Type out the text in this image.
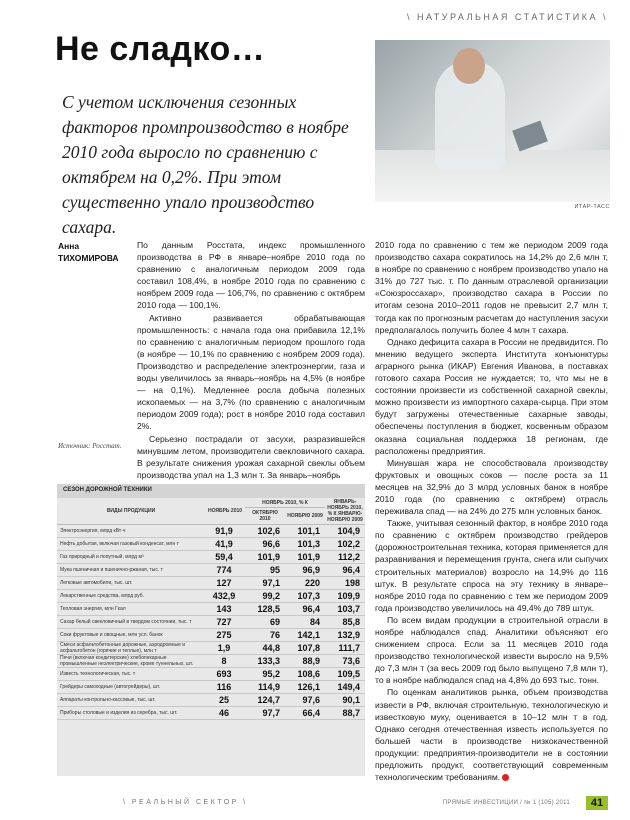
\ НАТУРАЛЬНАЯ СТАТИСТИКА \
Не сладко…
С учетом исключения сезонных факторов промпроизводство в ноябре 2010 года выросло по сравнению с октябрем на 0,2%. При этом существенно упало производство сахара.
ИТАР-ТАСС
Анна
ТИХОМИРОВА

По данным Росстата, индекс промышленного производства в РФ в январе–ноябре 2010 года по сравнению с аналогичным периодом 2009 года составил 108,4%, в ноябре 2010 года по сравнению с ноябрем 2009 года — 106,7%, по сравнению с октябрем 2010 года — 100,1%.

Активно развивается обрабатывающая промышленность: с начала года она прибавила 12,1% по сравнению с аналогичным периодом прошлого года (в ноябре — 10,1% по сравнению с ноябрем 2009 года). Производство и распределение электроэнергии, газа и воды увеличилось за январь–ноябрь на 4,5% (в ноябре — на 0,1%). Медленнее росла добыча полезных ископаемых — на 3,7% (по сравнению с аналогичным периодом 2009 года); рост в ноябре 2010 года составил 2%.

Серьезно пострадали от засухи, разразившейся минувшим летом, производители свекловичного сахара. В результате снижения урожая сахарной свеклы объем производства упал на 1,3 млн т. За январь–ноябрь

Источник: Росстат.

2010 года по сравнению с тем же периодом 2009 года производство сахара сократилось на 14,2% до 2,6 млн т, в ноябре по сравнению с ноябрем производство упало на 31% до 727 тыс. т. По данным отраслевой организации «Союзроссахар», производство сахара в России по итогам сезона 2010–2011 годов не превысит 2,7 млн т, тогда как по прогнозным расчетам до наступления засухи предполагалось получить более 4 млн т сахара.

Однако дефицита сахара в России не предвидится. По мнению ведущего эксперта Института конъюнктуры аграрного рынка (ИКАР) Евгения Иванова, в поставках готового сахара Россия не нуждается; то, что мы не в состоянии произвести из собственной сахарной свеклы, можно произвести из импортного сахара-сырца. При этом будут загружены отечественные сахарные заводы, обеспечены поступления в бюджет, косвенным образом оказана социальная поддержка 18 регионам, где расположены предприятия.

Минувшая жара не способствовала производству фруктовых и овощных соков — после роста за 11 месяцев на 32,9% до 3 млрд условных банок в ноябре 2010 года (по сравнению с октябрем) отрасль переживала спад — на 24% до 275 млн условных банок.

Также, учитывая сезонный фактор, в ноябре 2010 года по сравнению с октябрем производство грейдеров (дорожностроительная техника, которая применяется для разравнивания и перемещения грунта, снега или сыпучих строительных материалов) возросло на 14,9% до 116 штук. В результате спроса на эту технику в январе–ноябре 2010 года по сравнению с тем же периодом 2009 года производство увеличилось на 49,4% до 789 штук.

По всем видам продукции в строительной отрасли в ноябре наблюдался спад. Аналитики объясняют его снижением спроса. Если за 11 месяцев 2010 года производство технологической извести выросло на 9,5% до 7,3 млн т (за весь 2009 год было выпущено 7,8 млн т), то в ноябре наблюдался спад на 4,8% до 693 тыс. тонн.

По оценкам аналитиков рынка, объем производства извести в РФ, включая строительную, технологическую и известковую муку, оценивается в 10–12 млн т в год. Однако сегодня отечественная известь используется по большей части в производстве низкокачественной продукции: предприятия-производители не в состоянии предложить продукт, соответствующий современным технологическим требованиям.

СЕЗОН ДОРОЖНОЙ ТЕХНИКИ
ВИДЫ ПРОДУКЦИИ	НОЯБРЬ 2010	НОЯБРЬ 2010, % К		ЯНВАРЬ-НОЯБРЬ 2010, % К ЯНВАРЮ-НОЯБРЮ 2009
		ОКТЯБРЮ 2010	НОЯБРЮ 2009	
Электроэнергия, млрд кВт·ч	91,9	102,6	101,1	104,9
Нефть добытая, включая газовый конденсат, млн т	41,9	96,6	101,3	102,2
Газ природный и попутный, млрд м³	59,4	101,9	101,9	112,2
Мука пшеничная и пшенично-ржаная, тыс. т	774	95	96,9	96,4
Легковые автомобили, тыс. шт.	127	97,1	220	198
Лекарственные средства, млрд руб.	432,9	99,2	107,3	109,9
Тепловая энергия, млн Гкал	143	128,5	96,4	103,7
Сахар белый свекловичный в твердом состоянии, тыс. т	727	69	84	85,8
Соки фруктовые и овощные, млн усл. банок	275	76	142,1	132,9
Смеси асфальтобетонные дорожные, аэродромные и асфальтобетон (горячие и теплые), млн т	1,9	44,8	107,8	111,7
Печи (включая кондитерские) хлебопекарные промышленные неэлектрические, кроме туннельных, шт.	8	133,3	88,9	73,6
Известь технологическая, тыс. т	693	95,2	108,6	109,5
Грейдеры самоходные (автогрейдеры), шт.	116	114,9	126,1	149,4
Аппараты контрольно-кассовые, тыс. шт.	25	124,7	97,6	90,1
Приборы столовые и изделия из серебра, тыс. шт.	46	97,7	66,4	88,7
\ РЕАЛЬНЫЙ СЕКТОР \	ПРЯМЫЕ ИНВЕСТИЦИИ / № 1 (105) 2011	41
